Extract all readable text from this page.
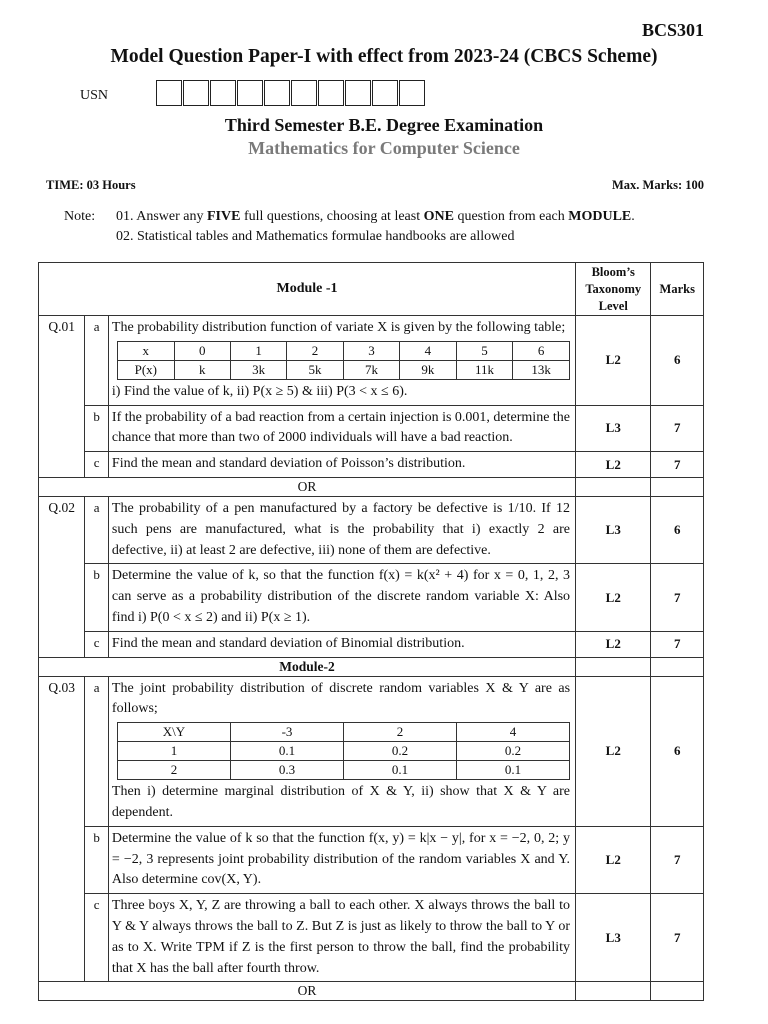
BCS301
Model Question Paper-I with effect from 2023-24 (CBCS Scheme)
USN
Third Semester B.E. Degree Examination
Mathematics for Computer Science
TIME: 03 Hours	Max. Marks: 100
Note: 01. Answer any FIVE full questions, choosing at least ONE question from each MODULE.
02. Statistical tables and Mathematics formulae handbooks are allowed
Module -1	Bloom’s
Taxonomy
Level	Marks
Q.01	a	The probability distribution function of variate X is given by the following table;
x	0	1	2	3	4	5	6
P(x)	k	3k	5k	7k	9k	11k	13k
i) Find the value of k, ii) P(x ≥ 5) & iii) P(3 < x ≤ 6).
	L2	6
b	If the probability of a bad reaction from a certain injection is 0.001, determine the chance that more than two of 2000 individuals will have a bad reaction.	L3	7
c	Find the mean and standard deviation of Poisson’s distribution.	L2	7
OR		
Q.02	a	The probability of a pen manufactured by a factory be defective is 1/10. If 12 such pens are manufactured, what is the probability that i) exactly 2 are defective, ii) at least 2 are defective, iii) none of them are defective.	L3	6
b	Determine the value of k, so that the function f(x) = k(x² + 4) for x = 0, 1, 2, 3 can serve as a probability distribution of the discrete random variable X: Also find i) P(0 < x ≤ 2) and ii) P(x ≥ 1).	L2	7
c	Find the mean and standard deviation of Binomial distribution.	L2	7
Module-2		
Q.03	a	The joint probability distribution of discrete random variables X & Y are as follows;
X\Y	-3	2	4
1	0.1	0.2	0.2
2	0.3	0.1	0.1
Then i) determine marginal distribution of X & Y, ii) show that X & Y are dependent.
	L2	6
b	Determine the value of k so that the function f(x, y) = k|x − y|, for x = −2, 0, 2; y = −2, 3 represents joint probability distribution of the random variables X and Y. Also determine cov(X, Y).	L2	7
c	Three boys X, Y, Z are throwing a ball to each other. X always throws the ball to Y & Y always throws the ball to Z. But Z is just as likely to throw the ball to Y or as to X. Write TPM if Z is the first person to throw the ball, find the probability that X has the ball after fourth throw.	L3	7
OR		
